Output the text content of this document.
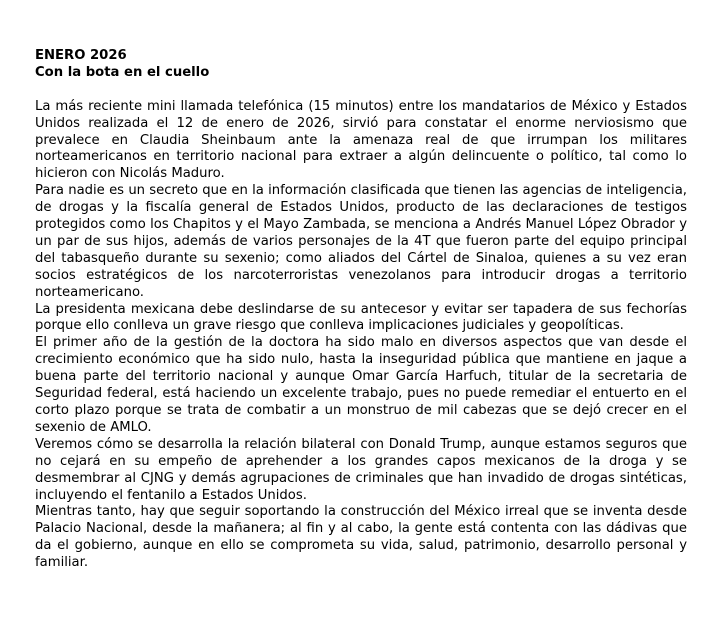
ENERO 2026

Con la bota en el cuello

La más reciente mini llamada telefónica (15 minutos) entre los mandatarios de México y Estados Unidos realizada el 12 de enero de 2026, sirvió para constatar el enorme nerviosismo que prevalece en Claudia Sheinbaum ante la amenaza real de que irrumpan los militares norteamericanos en territorio nacional para extraer a algún delincuente o político, tal como lo hicieron con Nicolás Maduro.

Para nadie es un secreto que en la información clasificada que tienen las agencias de inteligencia, de drogas y la fiscalía general de Estados Unidos, producto de las declaraciones de testigos protegidos como los Chapitos y el Mayo Zambada, se menciona a Andrés Manuel López Obrador y un par de sus hijos, además de varios personajes de la 4T que fueron parte del equipo principal del tabasqueño durante su sexenio; como aliados del Cártel de Sinaloa, quienes a su vez eran socios estratégicos de los narcoterroristas venezolanos para introducir drogas a territorio norteamericano.

La presidenta mexicana debe deslindarse de su antecesor y evitar ser tapadera de sus fechorías porque ello conlleva un grave riesgo que conlleva implicaciones judiciales y geopolíticas.

El primer año de la gestión de la doctora ha sido malo en diversos aspectos que van desde el crecimiento económico que ha sido nulo, hasta la inseguridad pública que mantiene en jaque a buena parte del territorio nacional y aunque Omar García Harfuch, titular de la secretaria de Seguridad federal, está haciendo un excelente trabajo, pues no puede remediar el entuerto en el corto plazo porque se trata de combatir a un monstruo de mil cabezas que se dejó crecer en el sexenio de AMLO.

Veremos cómo se desarrolla la relación bilateral con Donald Trump, aunque estamos seguros que no cejará en su empeño de aprehender a los grandes capos mexicanos de la droga y se desmembrar al CJNG y demás agrupaciones de criminales que han invadido de drogas sintéticas, incluyendo el fentanilo a Estados Unidos.

Mientras tanto, hay que seguir soportando la construcción del México irreal que se inventa desde Palacio Nacional, desde la mañanera; al fin y al cabo, la gente está contenta con las dádivas que da el gobierno, aunque en ello se comprometa su vida, salud, patrimonio, desarrollo personal y familiar.
